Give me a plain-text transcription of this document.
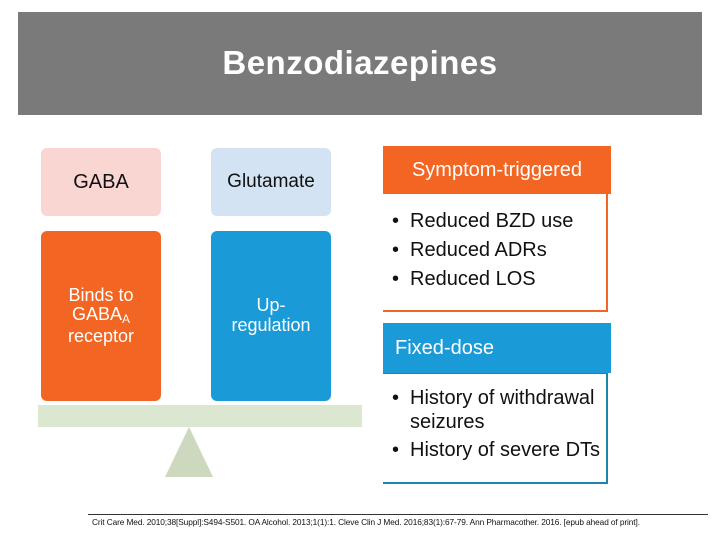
Benzodiazepines
GABA	Glutamate
Binds to $GABA_A$
receptor
Up-regulation
Symptom-triggered
• Reduced BZD use
• Reduced ADRs
• Reduced LOS
Fixed-dose
• History of withdrawal seizures
• History of severe DTs
Crit Care Med. 2010;38[Suppl]:S494-S501. OA Alcohol. 2013;1(1):1. Cleve Clin J Med. 2016;83(1):67-79. Ann Pharmacother. 2016. [epub ahead of print].
